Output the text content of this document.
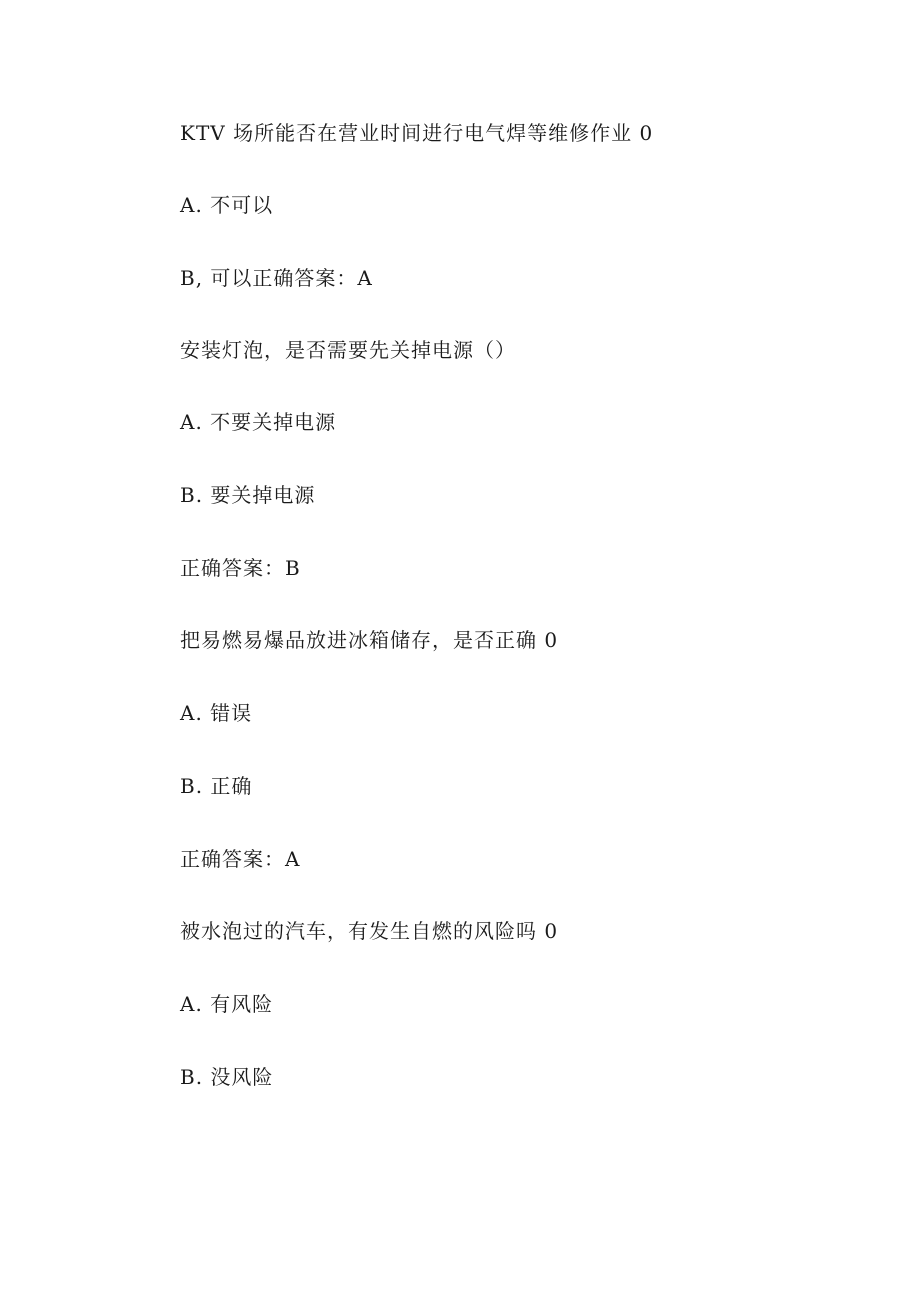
KTV 场所能否在营业时间进行电气焊等维修作业 0

A. 不可以

B, 可以正确答案：A

安装灯泡，是否需要先关掉电源（）

A. 不要关掉电源

B. 要关掉电源

正确答案：B

把易燃易爆品放进冰箱储存，是否正确 0

A. 错误

B. 正确

正确答案：A

被水泡过的汽车，有发生自燃的风险吗 0

A. 有风险

B. 没风险
